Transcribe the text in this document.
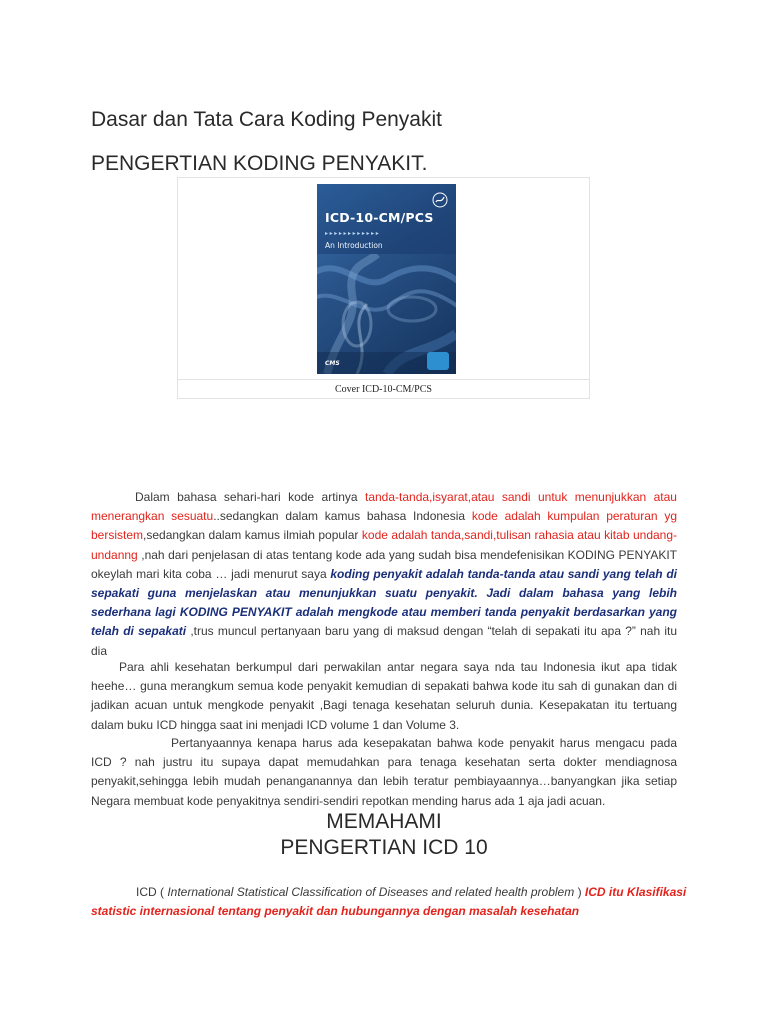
Dasar dan Tata Cara Koding Penyakit
PENGERTIAN KODING PENYAKIT.
ICD-10-CM/PCS
▸▸▸▸▸▸▸▸▸▸▸▸
An Introduction
CMS
Cover ICD-10-CM/PCS
Dalam bahasa sehari-hari kode artinya tanda-tanda,isyarat,atau sandi untuk menunjukkan atau menerangkan sesuatu..sedangkan dalam kamus bahasa Indonesia kode adalah kumpulan peraturan yg bersistem,sedangkan dalam kamus ilmiah popular kode adalah tanda,sandi,tulisan rahasia atau kitab undang-undanng ,nah dari penjelasan di atas tentang kode ada yang sudah bisa mendefenisikan KODING PENYAKIT okeylah mari kita coba … jadi menurut saya koding penyakit adalah tanda-tanda atau sandi yang telah di sepakati guna menjelaskan atau menunjukkan suatu penyakit. Jadi dalam bahasa yang lebih sederhana lagi KODING PENYAKIT adalah mengkode atau memberi tanda penyakit berdasarkan yang telah di sepakati ,trus muncul pertanyaan baru yang di maksud dengan “telah di sepakati itu apa ?” nah itu dia
Para ahli kesehatan berkumpul dari perwakilan antar negara saya nda tau Indonesia ikut apa tidak heehe… guna merangkum semua kode penyakit kemudian di sepakati bahwa kode itu sah di gunakan dan di jadikan acuan untuk mengkode penyakit ,Bagi tenaga kesehatan seluruh dunia. Kesepakatan itu tertuang dalam buku ICD hingga saat ini menjadi ICD volume 1 dan Volume 3.
Pertanyaannya kenapa harus ada kesepakatan bahwa kode penyakit harus mengacu pada ICD ? nah justru itu supaya dapat memudahkan para tenaga kesehatan serta dokter mendiagnosa penyakit,sehingga lebih mudah penanganannya dan lebih teratur pembiayaannya…banyangkan jika setiap Negara membuat kode penyakitnya sendiri-sendiri repotkan mending harus ada 1 aja jadi acuan.
MEMAHAMI
PENGERTIAN ICD 10
ICD ( International Statistical Classification of Diseases and related health problem ) ICD itu Klasifikasi statistic internasional tentang penyakit dan hubungannya dengan masalah kesehatan
